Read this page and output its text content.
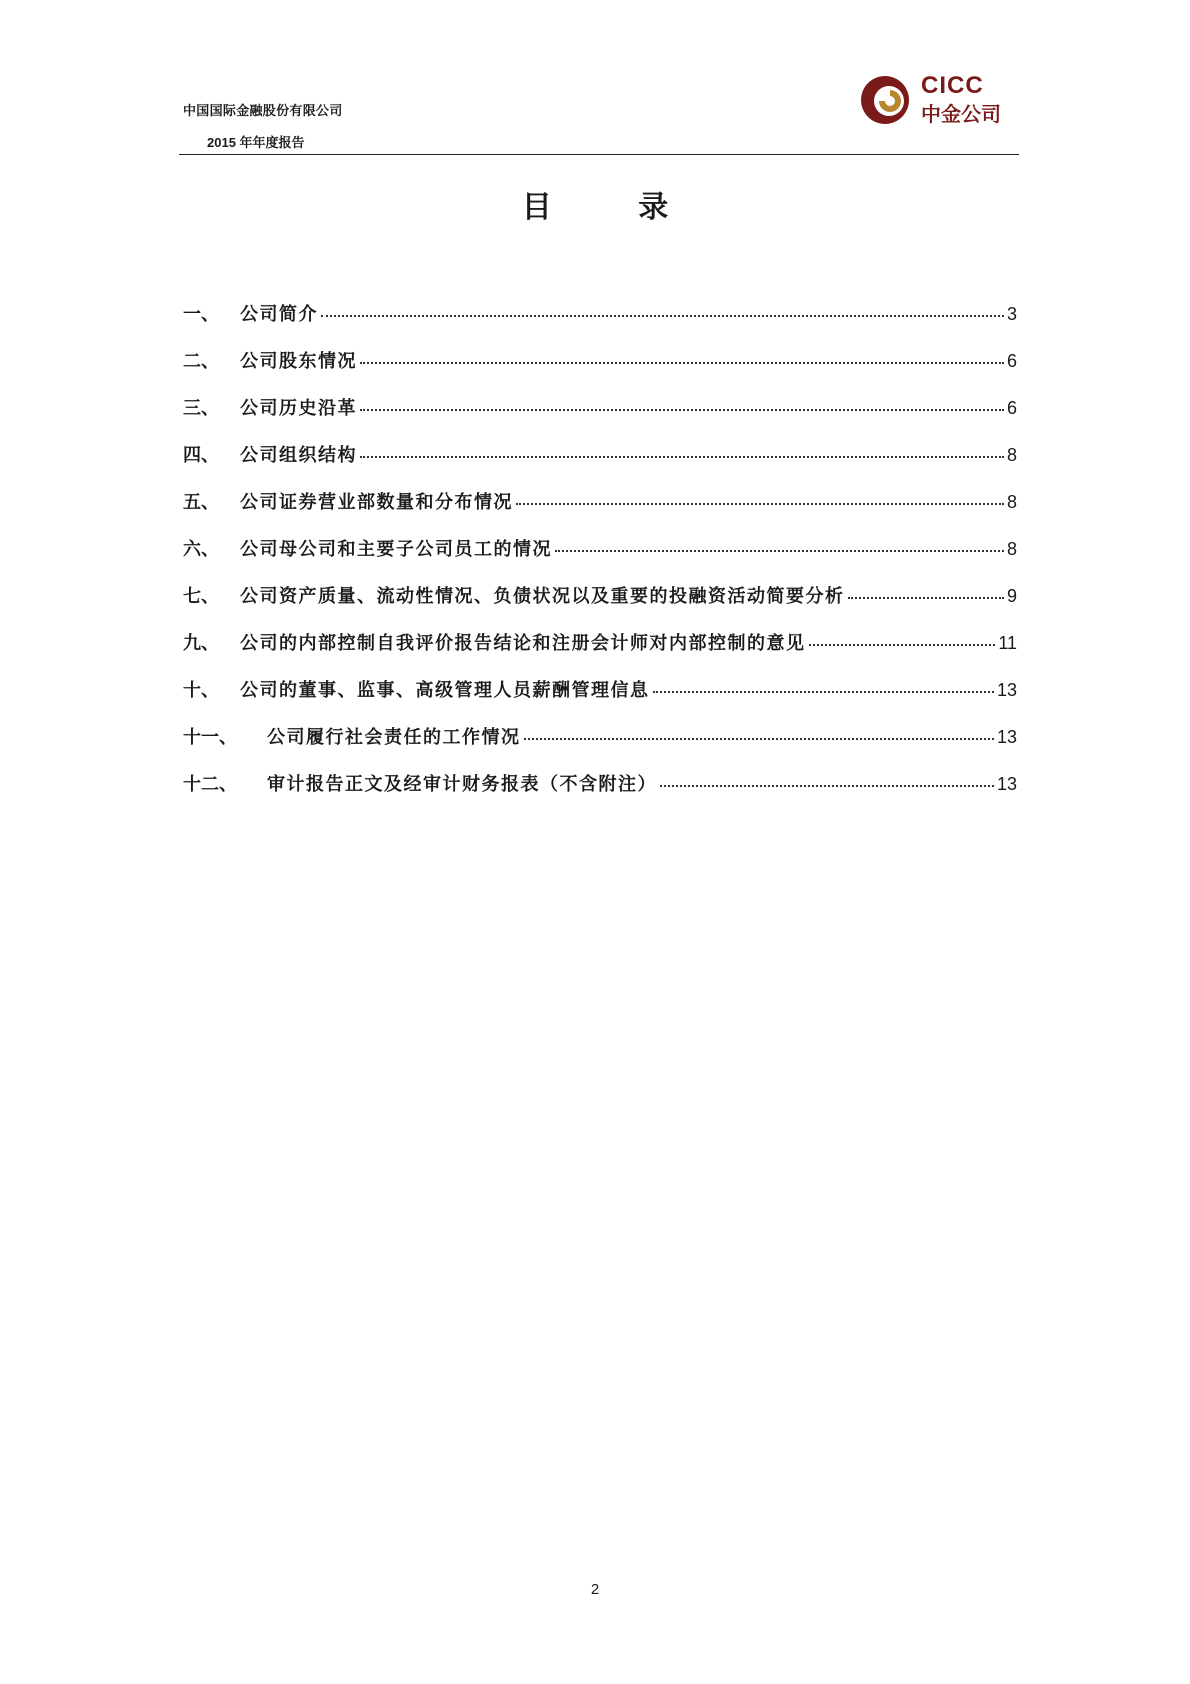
中国国际金融股份有限公司
2015 年年度报告
CICC
中金公司
目 录
一、	公司简介	3
二、	公司股东情况	6
三、	公司历史沿革	6
四、	公司组织结构	8
五、	公司证券营业部数量和分布情况	8
六、	公司母公司和主要子公司员工的情况	8
七、	公司资产质量、流动性情况、负债状况以及重要的投融资活动简要分析	9
九、	公司的内部控制自我评价报告结论和注册会计师对内部控制的意见	11
十、	公司的董事、监事、高级管理人员薪酬管理信息	13
十一、	公司履行社会责任的工作情况	13
十二、	审计报告正文及经审计财务报表（不含附注）	13
2
